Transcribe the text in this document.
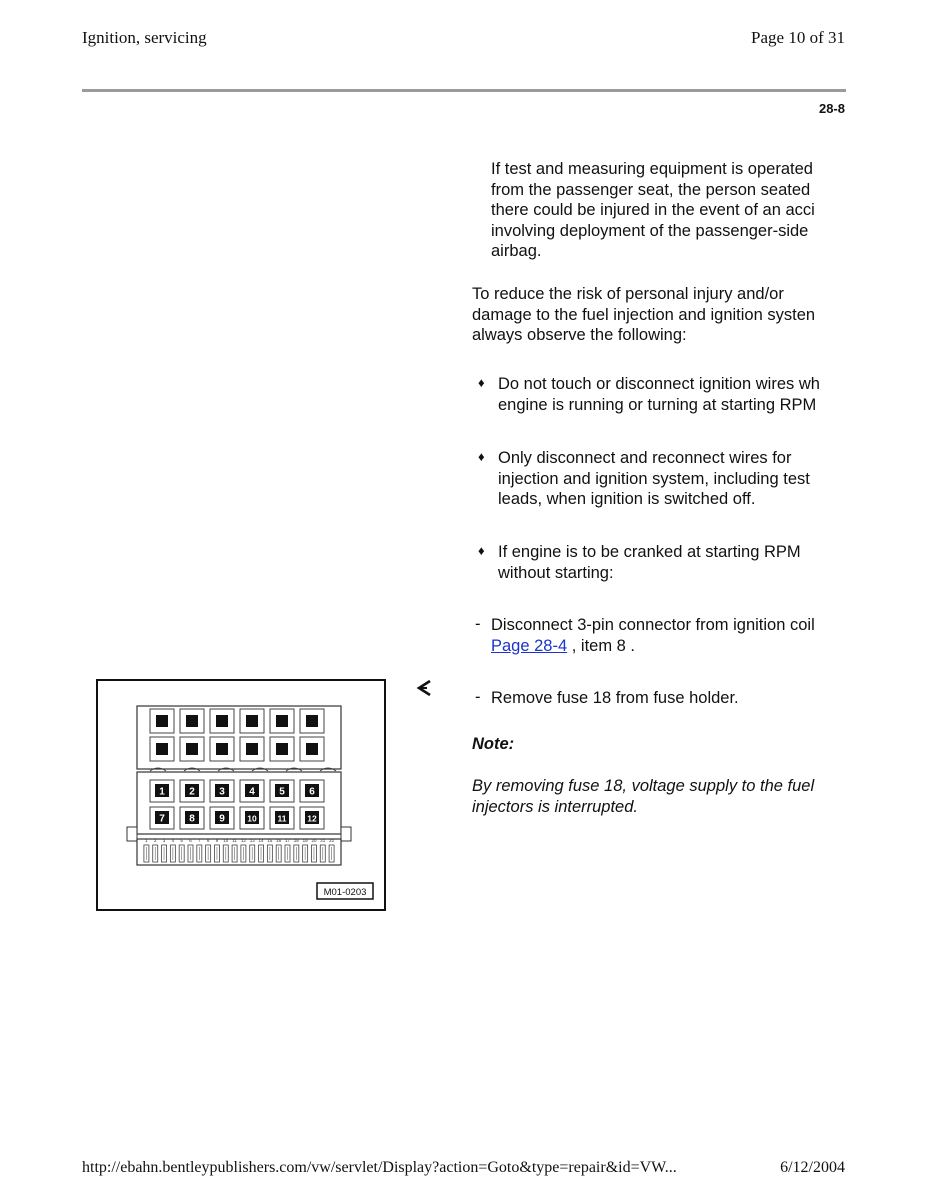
Ignition, servicing	Page 10 of 31
28-8
If test and measuring equipment is operated
from the passenger seat, the person seated
there could be injured in the event of an acci
involving deployment of the passenger-side
airbag.
To reduce the risk of personal injury and/or
damage to the fuel injection and ignition systen
always observe the following:
♦ Do not touch or disconnect ignition wires wh
engine is running or turning at starting RPM
♦ Only disconnect and reconnect wires for
injection and ignition system, including test
leads, when ignition is switched off.
♦ If engine is to be cranked at starting RPM
without starting:
- Disconnect 3-pin connector from ignition coil
Page 28-4 , item 8 .
- Remove fuse 18 from fuse holder.
Note:
By removing fuse 18, voltage supply to the fuel
injectors is interrupted.
1 2 3 4 5 6
7 8 9	10 11 12
1 2 3 4 5 6 7 8 9 10 11 12 13 14 15 16 17 18 19 20 21 22
M01-0203
http://ebahn.bentleypublishers.com/vw/servlet/Display?action=Goto&type=repair&id=VW...	6/12/2004
